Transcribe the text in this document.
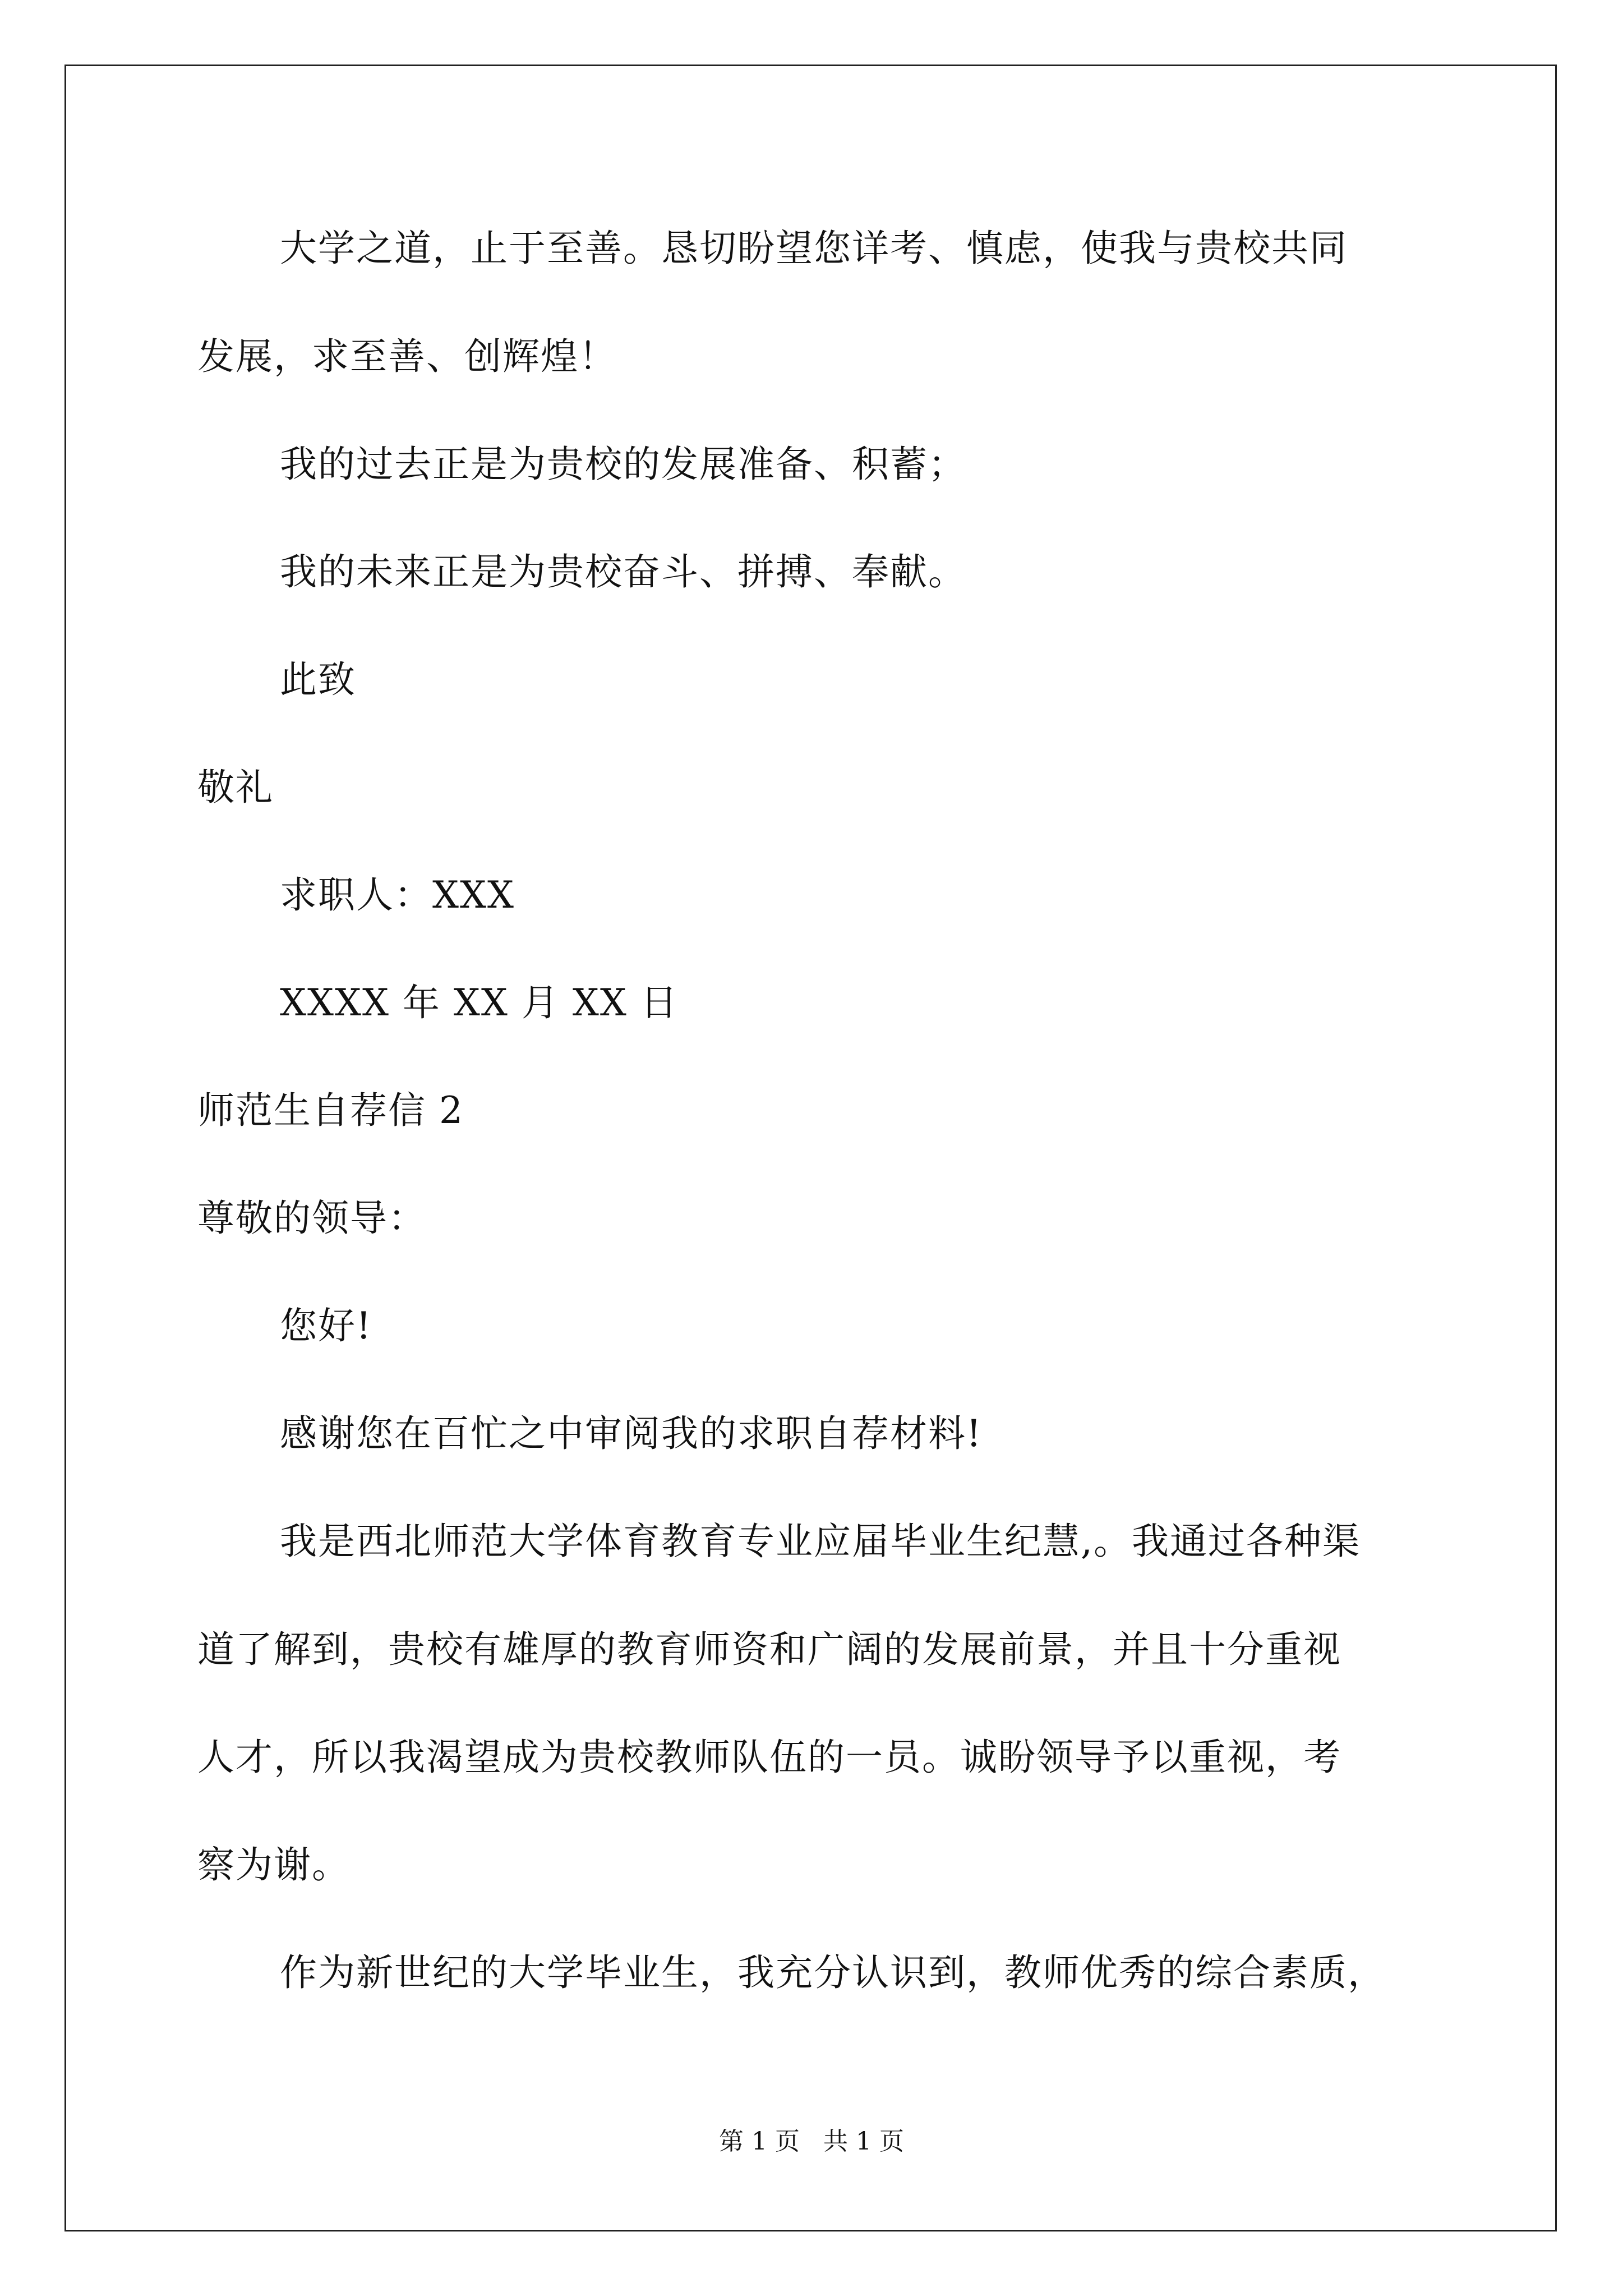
大学之道，止于至善。恳切盼望您详考、慎虑，使我与贵校共同
发展，求至善、创辉煌！
我的过去正是为贵校的发展准备、积蓄；
我的未来正是为贵校奋斗、拼搏、奉献。
此致
敬礼
求职人：XXX
XXXX 年 XX 月 XX 日
师范生自荐信 2
尊敬的领导：
您好!
感谢您在百忙之中审阅我的求职自荐材料!
我是西北师范大学体育教育专业应届毕业生纪慧,。我通过各种渠
道了解到，贵校有雄厚的教育师资和广阔的发展前景，并且十分重视
人才，所以我渴望成为贵校教师队伍的一员。诚盼领导予以重视，考
察为谢。
作为新世纪的大学毕业生，我充分认识到，教师优秀的综合素质，
第 1 页   共 1 页
